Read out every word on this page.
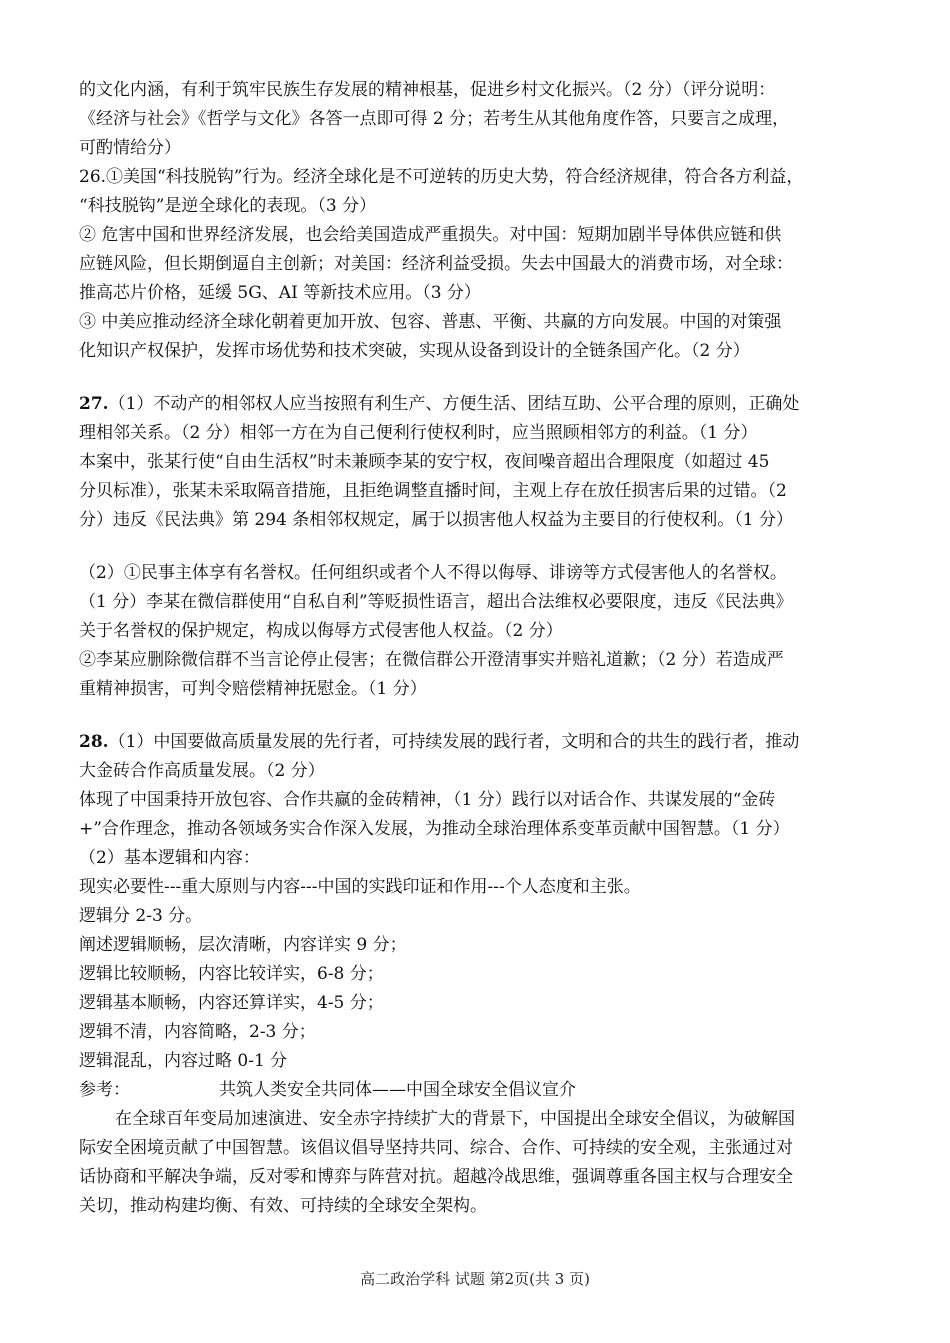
的文化内涵，有利于筑牢民族生存发展的精神根基，促进乡村文化振兴。（2 分）（评分说明：
《经济与社会》《哲学与文化》各答一点即可得 2 分；若考生从其他角度作答，只要言之成理，
可酌情给分）
26.①美国“科技脱钩”行为。经济全球化是不可逆转的历史大势，符合经济规律，符合各方利益，
“科技脱钩”是逆全球化的表现。（3 分）
② 危害中国和世界经济发展，也会给美国造成严重损失。对中国：短期加剧半导体供应链和供
应链风险，但长期倒逼自主创新；对美国：经济利益受损。失去中国最大的消费市场，对全球：
推高芯片价格，延缓 5G、AI 等新技术应用。（3 分）
③ 中美应推动经济全球化朝着更加开放、包容、普惠、平衡、共赢的方向发展。中国的对策强
化知识产权保护，发挥市场优势和技术突破，实现从设备到设计的全链条国产化。（2 分）
27.（1）不动产的相邻权人应当按照有利生产、方便生活、团结互助、公平合理的原则，正确处
理相邻关系。（2 分）相邻一方在为自己便利行使权利时，应当照顾相邻方的利益。（1 分）
本案中，张某行使“自由生活权”时未兼顾李某的安宁权，夜间噪音超出合理限度（如超过 45
分贝标准），张某未采取隔音措施，且拒绝调整直播时间，主观上存在放任损害后果的过错。（2
分）违反《民法典》第 294 条相邻权规定，属于以损害他人权益为主要目的行使权利。（1 分）
（2）①民事主体享有名誉权。任何组织或者个人不得以侮辱、诽谤等方式侵害他人的名誉权。
（1 分）李某在微信群使用“自私自利”等贬损性语言，超出合法维权必要限度，违反《民法典》
关于名誉权的保护规定，构成以侮辱方式侵害他人权益。（2 分）
②李某应删除微信群不当言论停止侵害；在微信群公开澄清事实并赔礼道歉；（2 分）若造成严
重精神损害，可判令赔偿精神抚慰金。（1 分）
28.（1）中国要做高质量发展的先行者，可持续发展的践行者，文明和合的共生的践行者，推动
大金砖合作高质量发展。（2 分）
体现了中国秉持开放包容、合作共赢的金砖精神，（1 分）践行以对话合作、共谋发展的“金砖
+”合作理念，推动各领域务实合作深入发展，为推动全球治理体系变革贡献中国智慧。（1 分）
（2）基本逻辑和内容：
现实必要性---重大原则与内容---中国的实践印证和作用---个人态度和主张。
逻辑分 2-3 分。
阐述逻辑顺畅，层次清晰，内容详实 9 分；
逻辑比较顺畅，内容比较详实，6-8 分；
逻辑基本顺畅，内容还算详实，4-5 分；
逻辑不清，内容简略，2-3 分；
逻辑混乱，内容过略 0-1 分
参考：	共筑人类安全共同体——中国全球安全倡议宣介
在全球百年变局加速演进、安全赤字持续扩大的背景下，中国提出全球安全倡议，为破解国
际安全困境贡献了中国智慧。该倡议倡导坚持共同、综合、合作、可持续的安全观，主张通过对
话协商和平解决争端，反对零和博弈与阵营对抗。超越冷战思维，强调尊重各国主权与合理安全
关切，推动构建均衡、有效、可持续的全球安全架构。
高二政治学科 试题 第2页(共 3 页)
